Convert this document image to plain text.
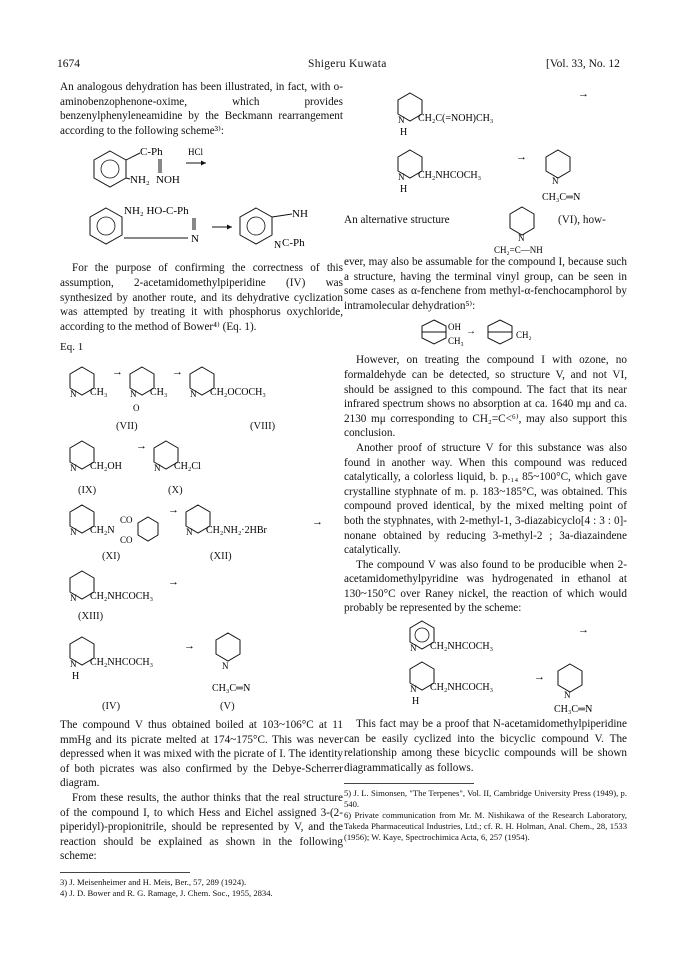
1674	Shigeru Kuwata	[Vol. 33, No. 12

An analogous dehydration has been illustrated, in fact, with o-aminobenzophenone-oxime, which provides benzenylphenyleneamidine by the Beckmann rearrangement according to the following scheme³⁾:

C-Ph	HCl
NH₂ NOH
NH₂ HO-C-Ph
N
NH
N C-Ph

For the purpose of confirming the correctness of this assumption, 2-acetamidomethylpiperidine (IV) was synthesized by another route, and its dehydrative cyclization was attempted by treating it with phosphorus oxychloride, according to the method of Bower⁴⁾ (Eq. 1).

Eq. 1
N CH₃
→
N CH₃
O
→
N CH₂OCOCH₃
(VII)	(VIII)
N CH₂OH
→
N CH₂Cl
(IX)	(X)
N CH₂N
CO
CO
→
N CH₂NH₂·2HBr
→
(XI)	(XII)
N CH₂NHCOCH₃
→
(XIII)
N
H
CH₂NHCOCH₃
→
N
CH₃C═N
(IV)	(V)

The compound V thus obtained boiled at 103~106°C at 11 mmHg and its picrate melted at 174~175°C. This was never depressed when it was mixed with the picrate of I. The identity of both picrates was also confirmed by the Debye-Scherrer diagram.

From these results, the author thinks that the real structure of the compound I, to which Hess and Eichel assigned 3-(2-piperidyl)-propionitrile, should be represented by V, and the reaction should be explained as shown in the following scheme:

3) J. Meisenheimer and H. Meis, Ber., 57, 289 (1924).

4) J. D. Bower and R. G. Ramage, J. Chem. Soc., 1955, 2834.

N
H
CH₂C(=NOH)CH₃
→
N
H
CH₂NHCOCH₃
→
N
CH₃C═N
An alternative structure
N
CH₂=C—NH
(VI), how-

ever, may also be assumable for the compound I, because such a structure, having the terminal vinyl group, can be seen in some cases as α-fenchene from methyl-α-fenchocamphorol by intramolecular dehydration⁵⁾:

OH
CH₃
→	CH₂

However, on treating the compound I with ozone, no formaldehyde can be detected, so structure V, and not VI, should be assigned to this compound. The fact that its near infrared spectrum shows no absorption at ca. 1640 mμ and ca. 2130 mμ corresponding to CH₂=C<⁶⁾, may also support this conclusion.

Another proof of structure V for this substance was also found in another way. When this compound was reduced catalytically, a colorless liquid, b. p.₁₄ 85~100°C, which gave crystalline styphnate of m. p. 183~185°C, was obtained. This compound proved identical, by the mixed melting point of both the styphnates, with 2-methyl-1, 3-diazabicyclo[4 : 3 : 0]-nonane obtained by reducing 3-methyl-2 ; 3a-diazaindene catalytically.

The compound V was also found to be producible when 2-acetamidomethylpyridine was hydrogenated in ethanol at 130~150°C over Raney nickel, the reaction of which would probably be represented by the scheme:

N CH₂NHCOCH₃
→
N
H
CH₂NHCOCH₃
→
N
CH₃C═N

This fact may be a proof that N-acetamidomethylpiperidine can be easily cyclized into the bicyclic compound V. The relationship among these bicyclic compounds will be shown diagrammatically as follows.

5) J. L. Simonsen, "The Terpenes", Vol. II, Cambridge University Press (1949), p. 540.

6) Private communication from Mr. M. Nishikawa of the Research Laboratory, Takeda Pharmaceutical Industries, Ltd.; cf. R. H. Holman, Anal. Chem., 28, 1533 (1956); W. Kaye, Spectrochimica Acta, 6, 257 (1954).
